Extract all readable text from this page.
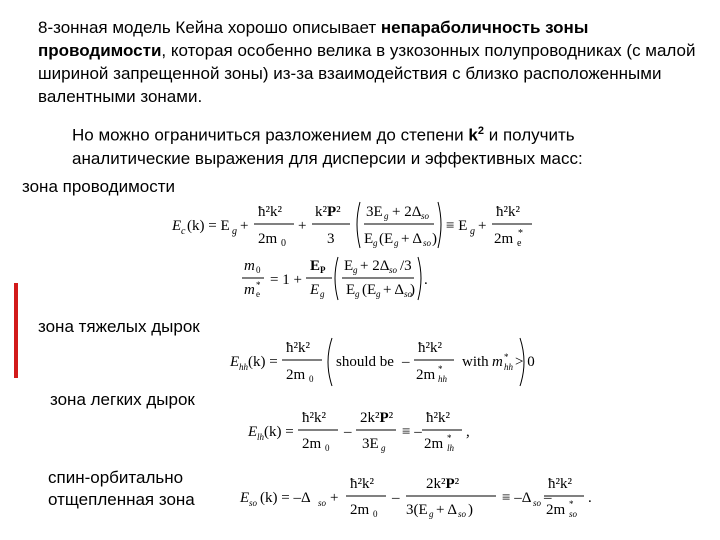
8-зонная модель Кейна хорошо описывает непараболичность зоны проводимости, которая особенно велика в узкозонных полупроводниках (с малой шириной запрещенной зоны) из-за взаимодействия с близко расположенными валентными зонами.
Но можно ограничиться разложением до степени $k^2$ и получить аналитические выражения для дисперсии и эффективных масс:
зона проводимости
зона тяжелых дырок
зона легких дырок
спин-орбитально
отщепленная зона
E c (k) = E g +
ħ²k²
2m 0
+
k²P²
3
3E g + 2Δ so
E g (E g + Δ so )
≡ E g +
ħ²k²
2m e
*
m 0
m e
* = 1 +
E P
E g
E g + 2Δ so /3
E g (E g + Δ so
)
.
E hh (k) =
ħ²k²
2m 0
should be –
ħ²k²
2m hh
* with m hh
* > 0
E lh (k) =
ħ²k²
2m 0
–
2k²P²
3E g
≡ –
ħ²k²
2m lh
* ,
E so (k) = –Δ so +
ħ²k²
2m 0
–
2k²P²
3(E g + Δ so )
≡ –Δ so –
ħ²k²
2m so
* .
